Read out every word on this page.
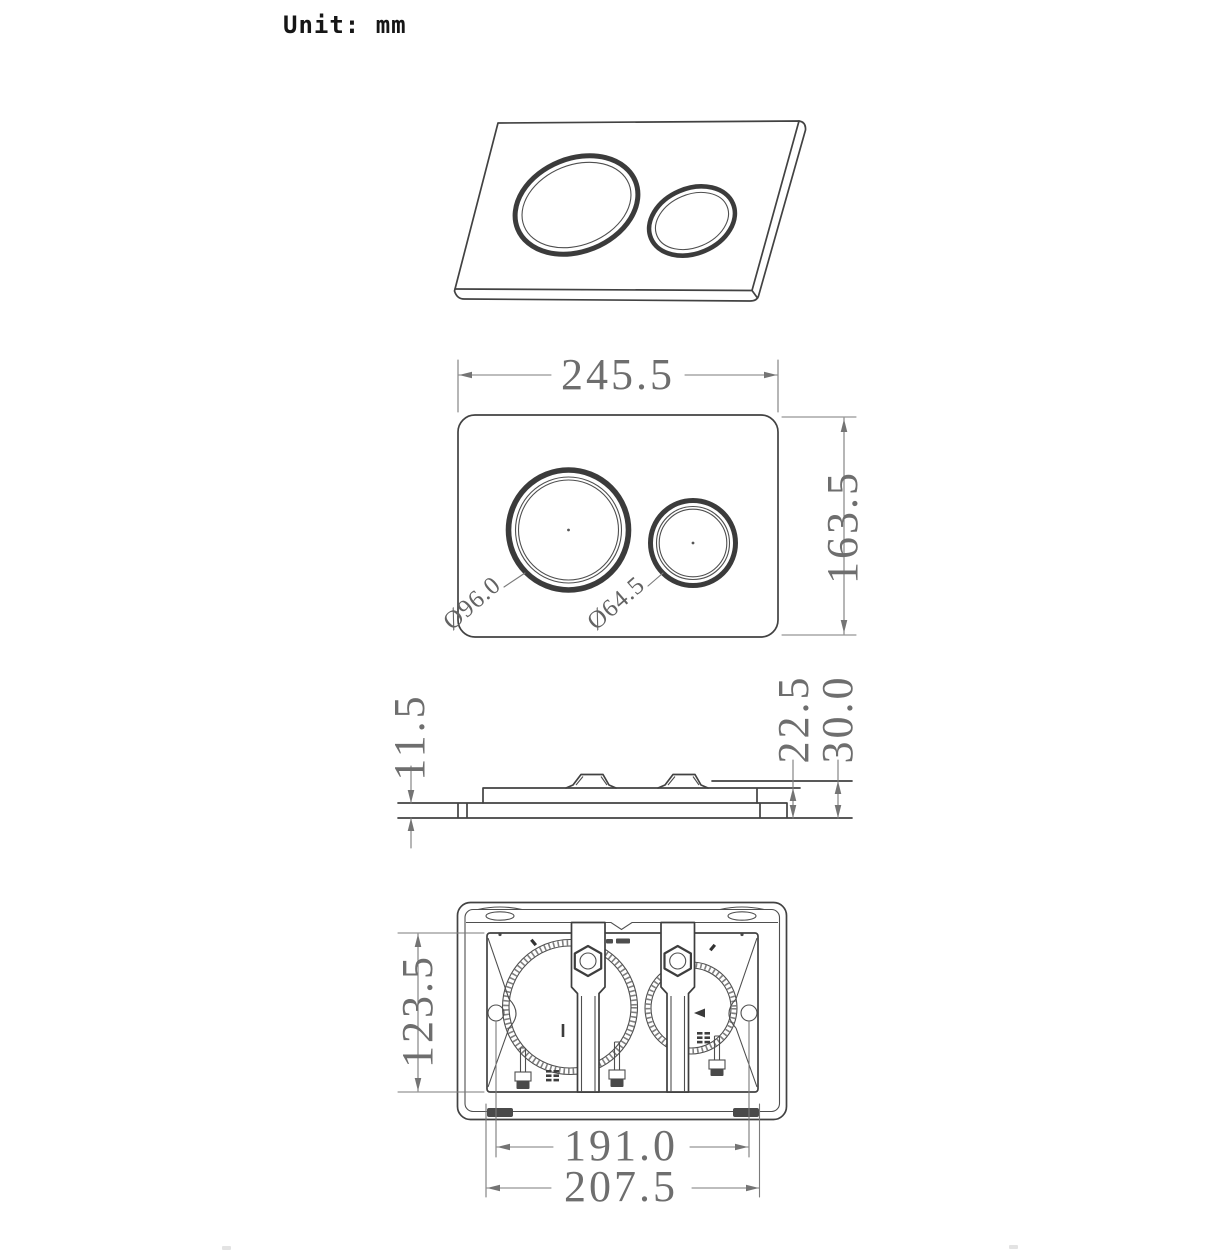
Unit: mm
245.5
163.5
Ø96.0	Ø64.5
11.5	22.5
30.0
123.5
191.0
207.5
